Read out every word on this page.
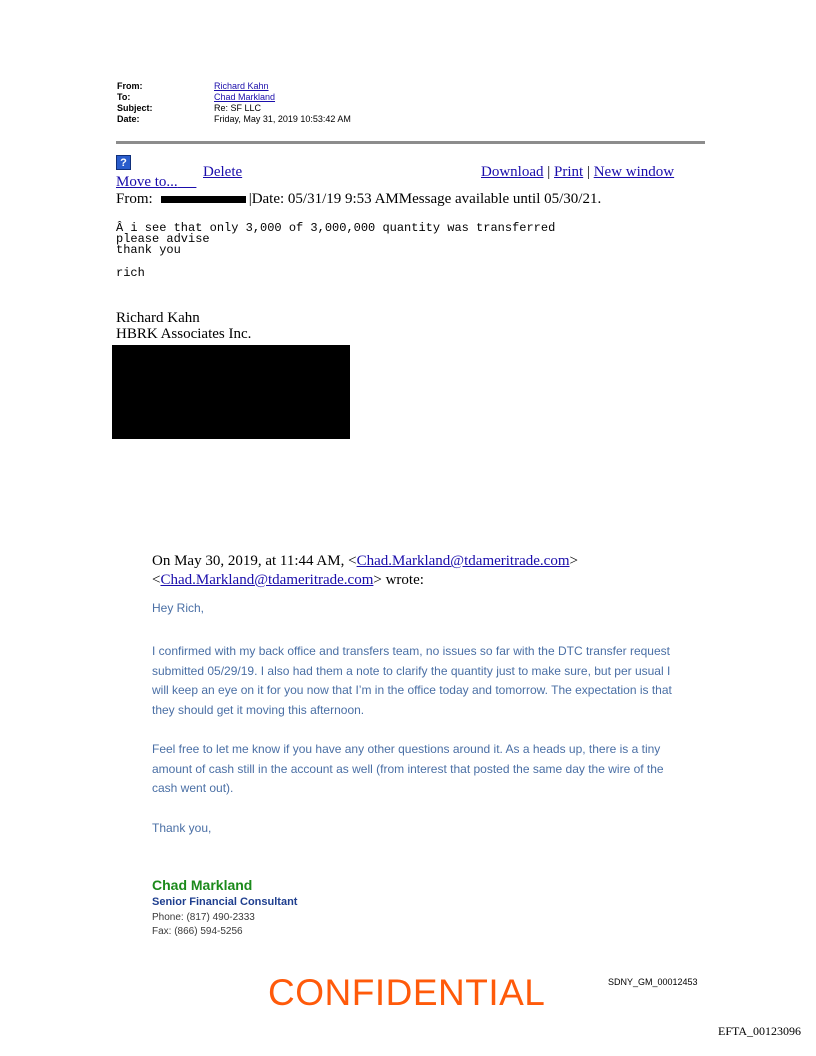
From:	Richard Kahn
To:	Chad Markland
Subject:	Re: SF LLC
Date:	Friday, May 31, 2019 10:53:42 AM
?
Move to...
Delete	Download | Print | New window
From:	|Date: 05/31/19 9:53 AMMessage available until 05/30/21.
Â i see that only 3,000 of 3,000,000 quantity was transferred
please advise
thank you
rich
Richard Kahn
HBRK Associates Inc.
On May 30, 2019, at 11:44 AM, <Chad.Markland@tdameritrade.com>
<Chad.Markland@tdameritrade.com> wrote:
Hey Rich,
I confirmed with my back office and transfers team, no issues so far with the DTC transfer request submitted 05/29/19. I also had them a note to clarify the quantity just to make sure, but per usual I will keep an eye on it for you now that I’m in the office today and tomorrow. The expectation is that they should get it moving this afternoon.
Feel free to let me know if you have any other questions around it. As a heads up, there is a tiny amount of cash still in the account as well (from interest that posted the same day the wire of the cash went out).
Thank you,
Chad Markland
Senior Financial Consultant
Phone: (817) 490-2333
Fax: (866) 594-5256
CONFIDENTIAL	SDNY_GM_00012453
EFTA_00123096
